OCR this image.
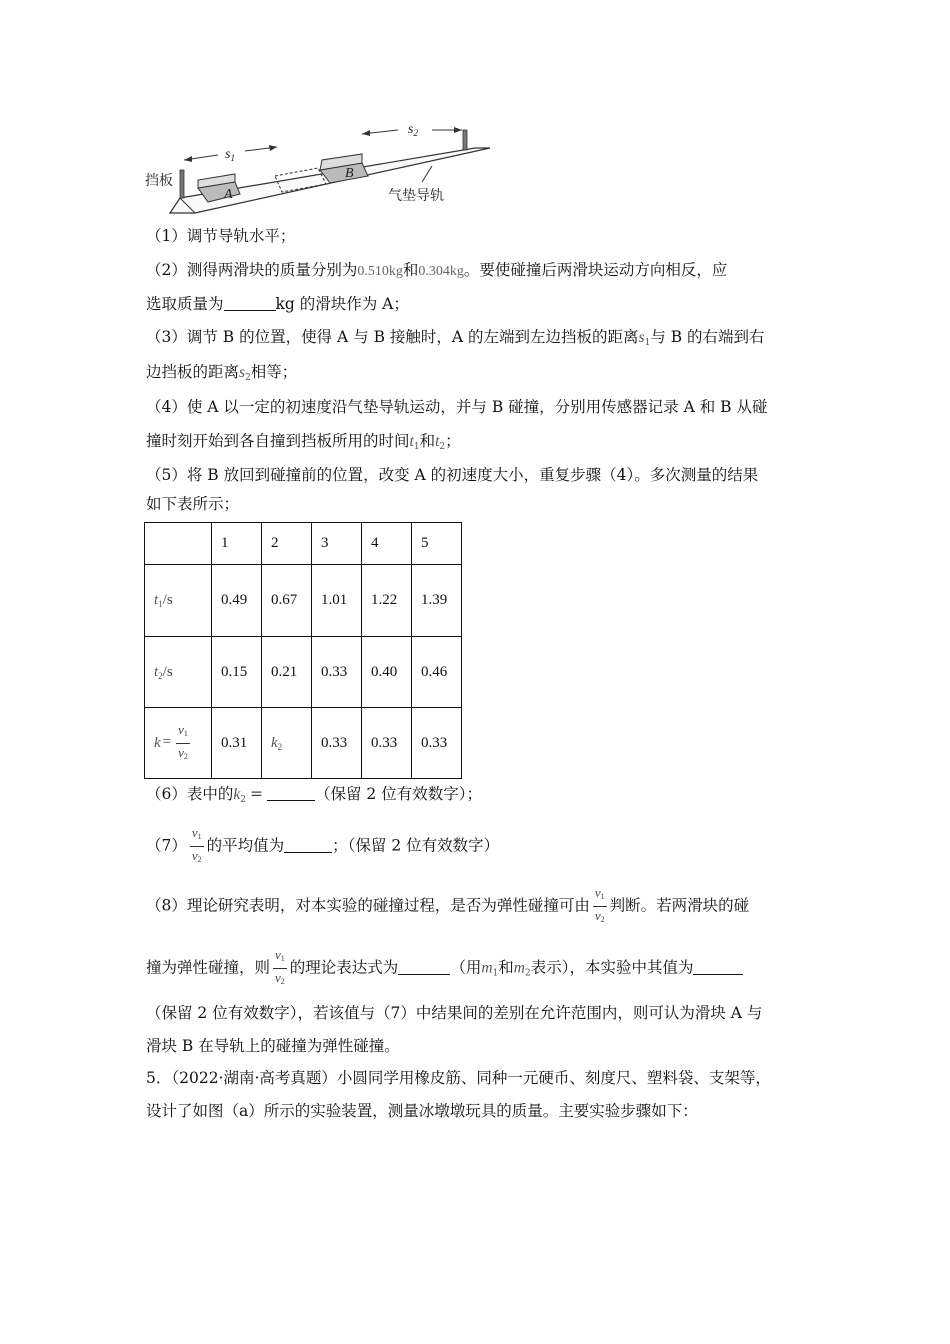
$s_1$
$s_2$
A
B
挡板
气垫导轨
（1）调节导轨水平；
（2）测得两滑块的质量分别为0.510kg和0.304kg。要使碰撞后两滑块运动方向相反，应
选取质量为	kg 的滑块作为 A；
（3）调节 B 的位置，使得 A 与 B 接触时，A 的左端到左边挡板的距离$s_1$与 B 的右端到右
边挡板的距离$s_2$相等；
（4）使 A 以一定的初速度沿气垫导轨运动，并与 B 碰撞，分别用传感器记录 A 和 B 从碰
撞时刻开始到各自撞到挡板所用的时间$t_1$和$t_2$；
（5）将 B 放回到碰撞前的位置，改变 A 的初速度大小，重复步骤（4）。多次测量的结果
如下表所示；
	1	2	3	4	5
$t_1/s$	0.49	0.67	1.01	1.22	1.39
$t_2/s$	0.15	0.21	0.33	0.40	0.46
$k = \frac{v1}{v2}$	0.31	$k_2$	0.33	0.33	0.33
（6）表中的$k_2$ =	（保留 2 位有效数字）；
$(7) \frac{v1}{v2}$ 的平均值为	；（保留 2 位有效数字）
（8）理论研究表明，对本实验的碰撞过程，是否为弹性碰撞可由 $\frac{v1}{v2}$ 判断。若两滑块的碰
撞为弹性碰撞，则 $\frac{v1}{v2}$ 的理论表达式为	（用$m_1$和$m_2$表示），本实验中其值为
（保留 2 位有效数字），若该值与（7）中结果间的差别在允许范围内，则可认为滑块 A 与
滑块 B 在导轨上的碰撞为弹性碰撞。
5．（2022·湖南·高考真题）小圆同学用橡皮筋、同种一元硬币、刻度尺、塑料袋、支架等，
设计了如图（a）所示的实验装置，测量冰墩墩玩具的质量。主要实验步骤如下：
